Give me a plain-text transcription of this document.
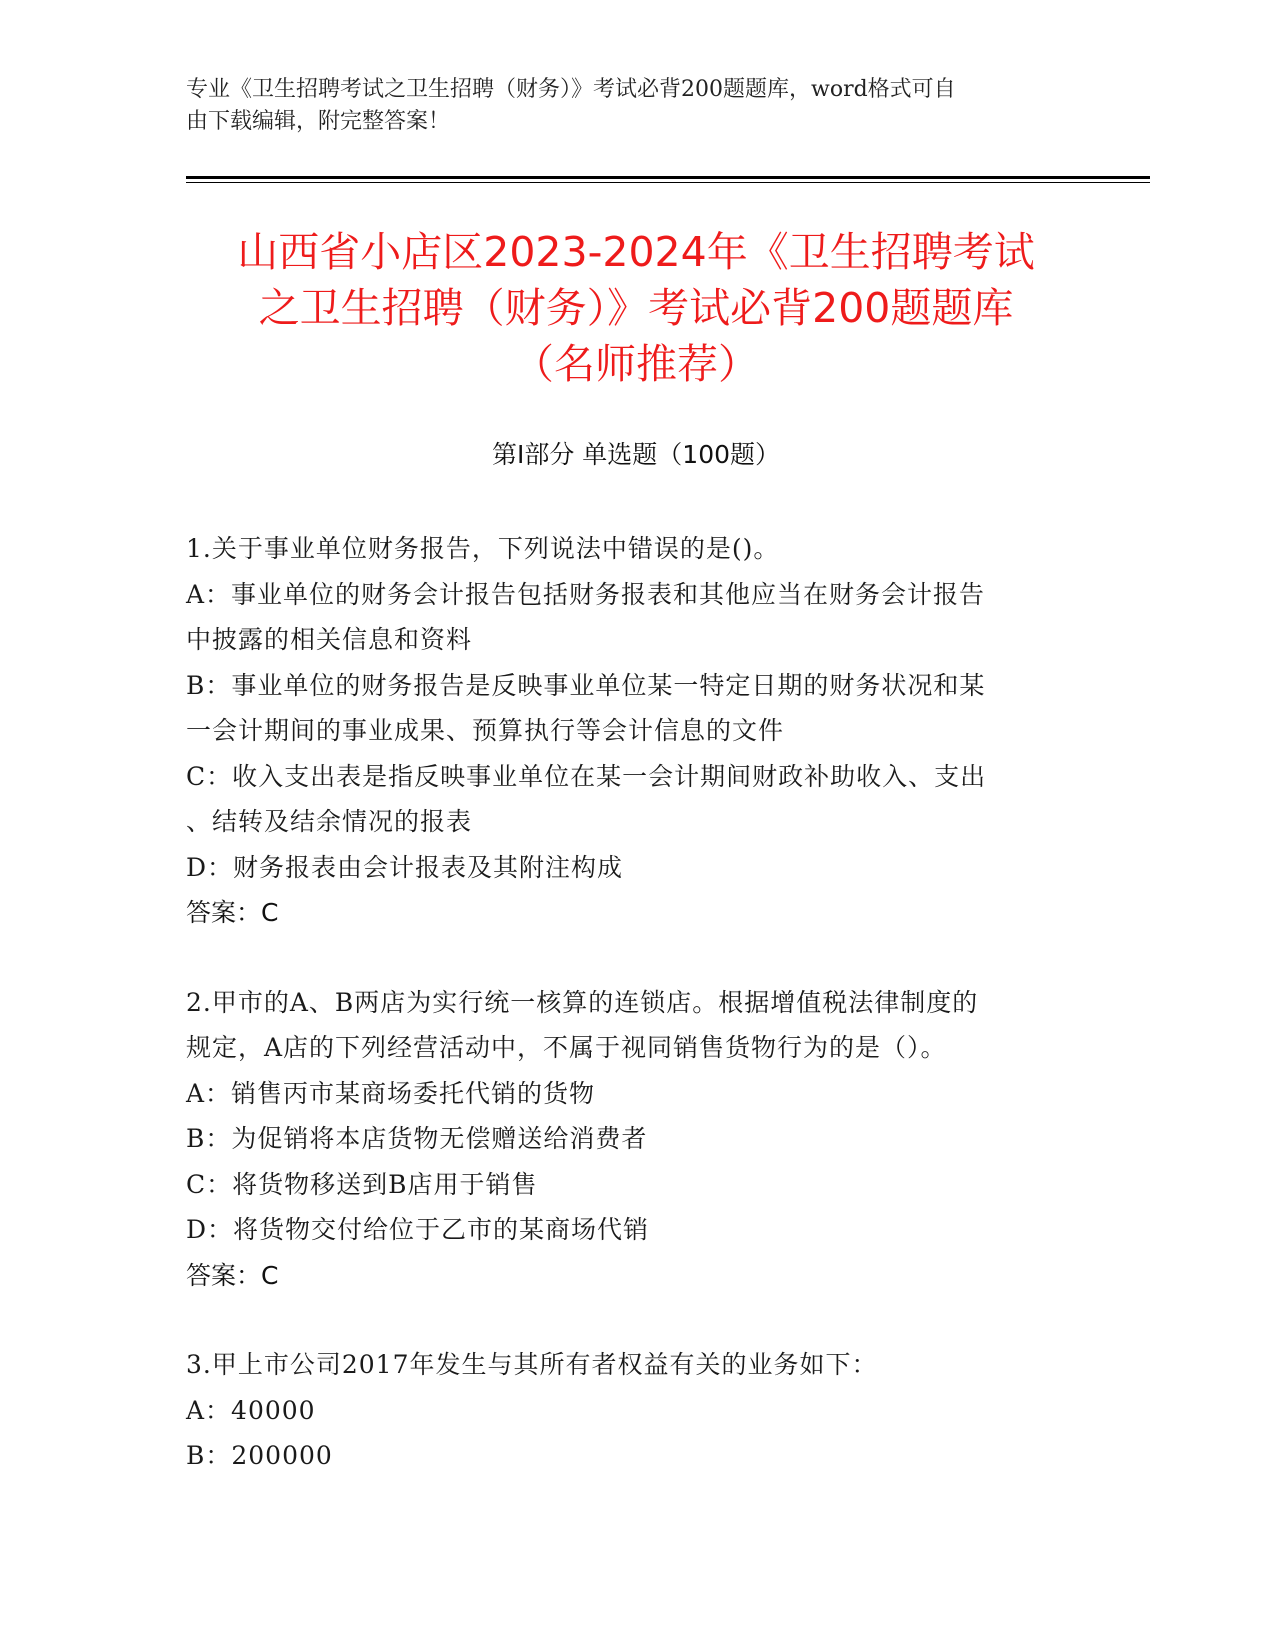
专业《卫生招聘考试之卫生招聘（财务）》考试必背200题题库，word格式可自
由下载编辑，附完整答案！
山西省小店区2023-2024年《卫生招聘考试
之卫生招聘（财务）》考试必背200题题库
（名师推荐）
第Ⅰ部分 单选题（100题）
1.关于事业单位财务报告，下列说法中错误的是()。
A：事业单位的财务会计报告包括财务报表和其他应当在财务会计报告
中披露的相关信息和资料
B：事业单位的财务报告是反映事业单位某一特定日期的财务状况和某
一会计期间的事业成果、预算执行等会计信息的文件
C：收入支出表是指反映事业单位在某一会计期间财政补助收入、支出
、结转及结余情况的报表
D：财务报表由会计报表及其附注构成
答案：C
2.甲市的A、B两店为实行统一核算的连锁店。根据增值税法律制度的
规定，A店的下列经营活动中，不属于视同销售货物行为的是（）。
A：销售丙市某商场委托代销的货物
B：为促销将本店货物无偿赠送给消费者
C：将货物移送到B店用于销售
D：将货物交付给位于乙市的某商场代销
答案：C
3.甲上市公司2017年发生与其所有者权益有关的业务如下：
A：40000
B：200000
